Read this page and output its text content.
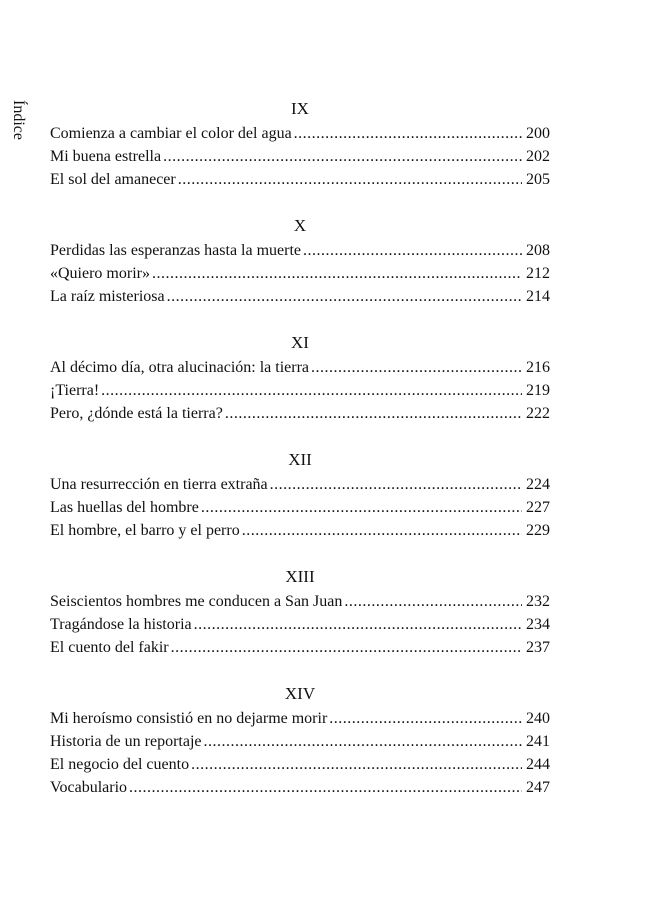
Índice	IX
Comienza a cambiar el color del agua .....	200
Mi buena estrella .....	202
El sol del amanecer .....	205
X
Perdidas las esperanzas hasta la muerte .....	208
«Quiero morir» .....	212
La raíz misteriosa .....	214
XI
Al décimo día, otra alucinación: la tierra .....	216
¡Tierra! .....	219
Pero, ¿dónde está la tierra? .....	222
XII
Una resurrección en tierra extraña .....	224
Las huellas del hombre .....	227
El hombre, el barro y el perro .....	229
XIII
Seiscientos hombres me conducen a San Juan .....	232
Tragándose la historia .....	234
El cuento del fakir .....	237
XIV
Mi heroísmo consistió en no dejarme morir .....	240
Historia de un reportaje .....	241
El negocio del cuento .....	244
Vocabulario .....	247
